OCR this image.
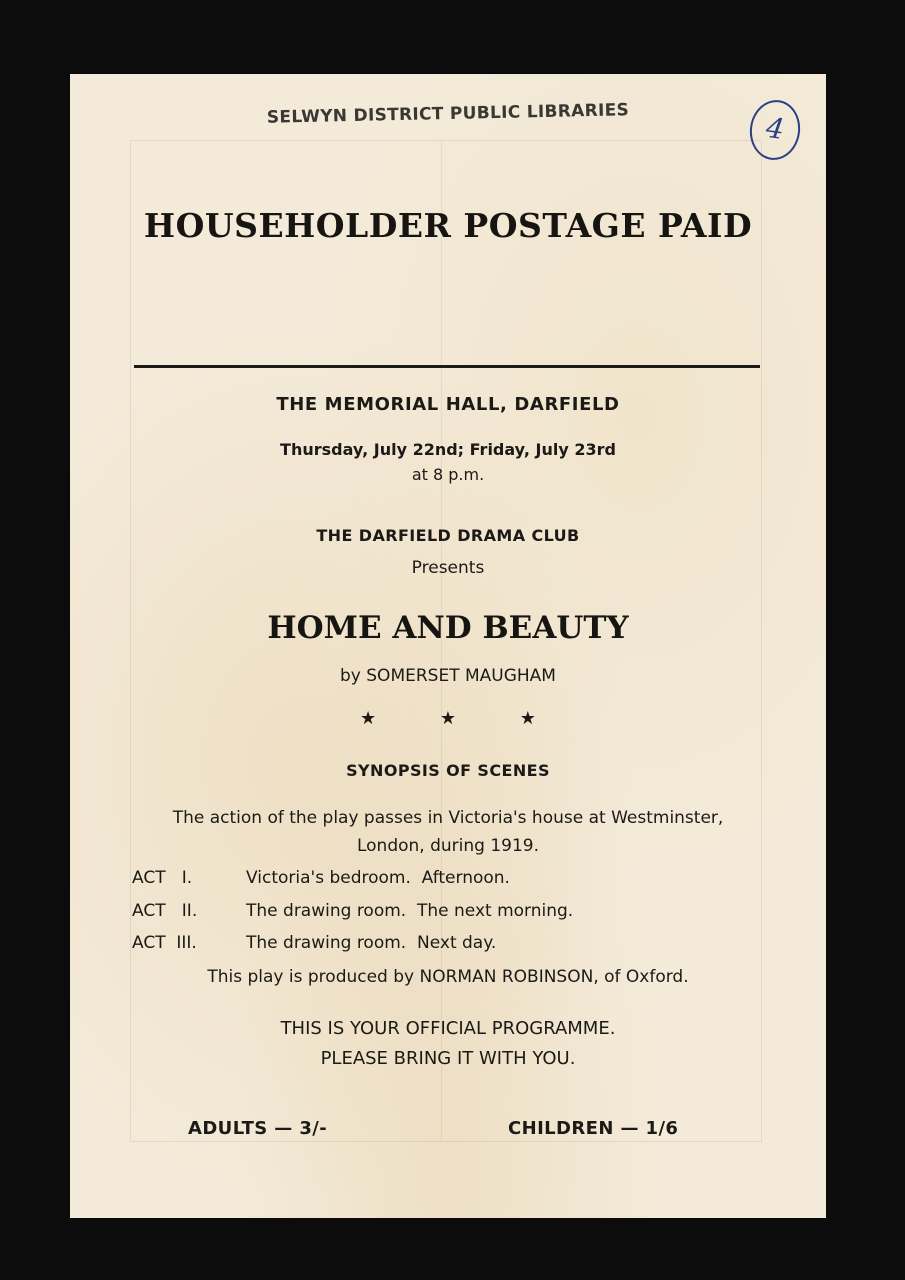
SELWYN DISTRICT PUBLIC LIBRARIES	4
HOUSEHOLDER POSTAGE PAID
THE MEMORIAL HALL, DARFIELD
Thursday, July 22nd; Friday, July 23rd
at 8 p.m.
THE DARFIELD DRAMA CLUB
Presents
HOME AND BEAUTY
by SOMERSET MAUGHAM
★	★	★
SYNOPSIS OF SCENES
The action of the play passes in Victoria's house at Westminster,
London, during 1919.
ACT   I.	Victoria's bedroom.  Afternoon.
ACT   II.	The drawing room.  The next morning.
ACT  III.	The drawing room.  Next day.
This play is produced by NORMAN ROBINSON, of Oxford.
THIS IS YOUR OFFICIAL PROGRAMME.
PLEASE BRING IT WITH YOU.
ADULTS — 3/-	CHILDREN — 1/6
